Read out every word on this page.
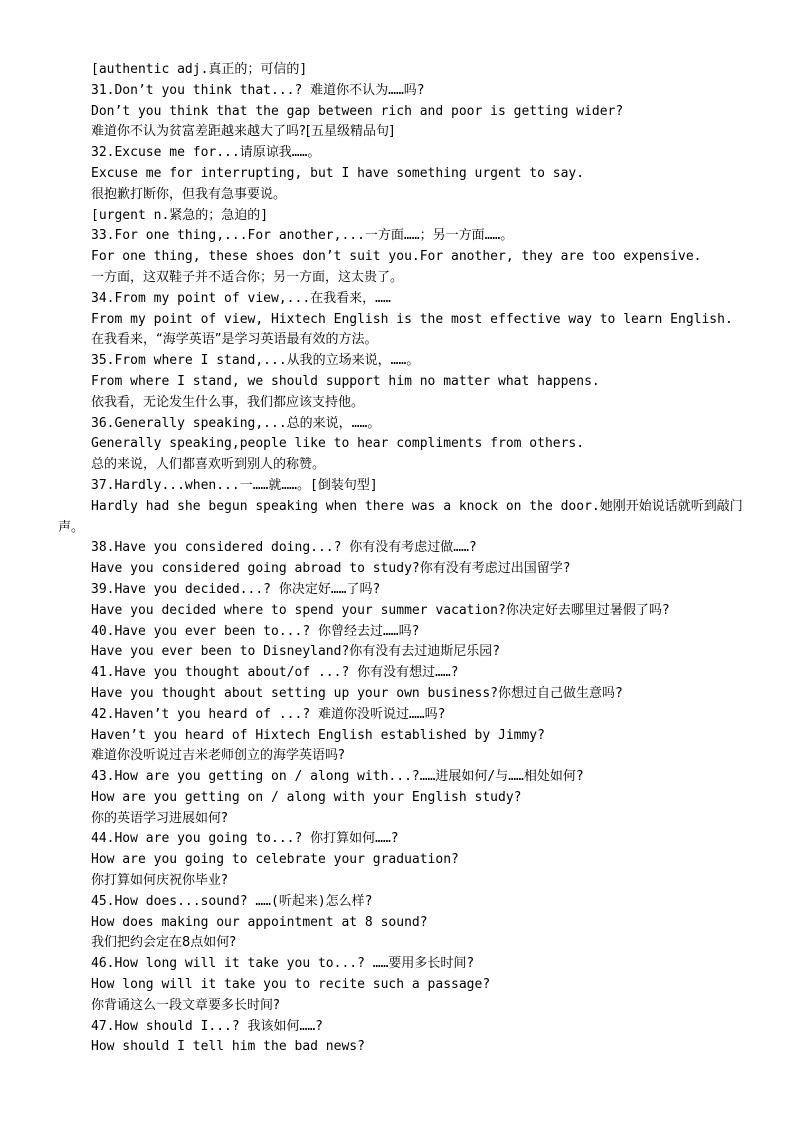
[authentic adj.真正的；可信的]
31.Don’t you think that...? 难道你不认为……吗?
Don’t you think that the gap between rich and poor is getting wider?
难道你不认为贫富差距越来越大了吗?[五星级精品句]
32.Excuse me for...请原谅我……。
Excuse me for interrupting, but I have something urgent to say.
很抱歉打断你，但我有急事要说。
[urgent n.紧急的；急迫的]
33.For one thing,...For another,...一方面……；另一方面……。
For one thing, these shoes don’t suit you.For another, they are too expensive.
一方面，这双鞋子并不适合你；另一方面，这太贵了。
34.From my point of view,...在我看来，……
From my point of view, Hixtech English is the most effective way to learn English.
在我看来，“海学英语”是学习英语最有效的方法。
35.From where I stand,...从我的立场来说，……。
From where I stand, we should support him no matter what happens.
依我看，无论发生什么事，我们都应该支持他。
36.Generally speaking,...总的来说，……。
Generally speaking,people like to hear compliments from others.
总的来说，人们都喜欢听到别人的称赞。
37.Hardly...when...一……就……。[倒装句型]
Hardly had she begun speaking when there was a knock on the door.她刚开始说话就听到敲门声。
38.Have you considered doing...? 你有没有考虑过做……?
Have you considered going abroad to study?你有没有考虑过出国留学?
39.Have you decided...? 你决定好……了吗?
Have you decided where to spend your summer vacation?你决定好去哪里过暑假了吗?
40.Have you ever been to...? 你曾经去过……吗?
Have you ever been to Disneyland?你有没有去过迪斯尼乐园?
41.Have you thought about/of ...? 你有没有想过……?
Have you thought about setting up your own business?你想过自己做生意吗?
42.Haven’t you heard of ...? 难道你没听说过……吗?
Haven’t you heard of Hixtech English established by Jimmy?
难道你没听说过吉米老师创立的海学英语吗?
43.How are you getting on / along with...?……进展如何/与……相处如何?
How are you getting on / along with your English study?
你的英语学习进展如何?
44.How are you going to...? 你打算如何……?
How are you going to celebrate your graduation?
你打算如何庆祝你毕业?
45.How does...sound? ……(听起来)怎么样?
How does making our appointment at 8 sound?
我们把约会定在8点如何?
46.How long will it take you to...? ……要用多长时间?
How long will it take you to recite such a passage?
你背诵这么一段文章要多长时间?
47.How should I...? 我该如何……?
How should I tell him the bad news?
